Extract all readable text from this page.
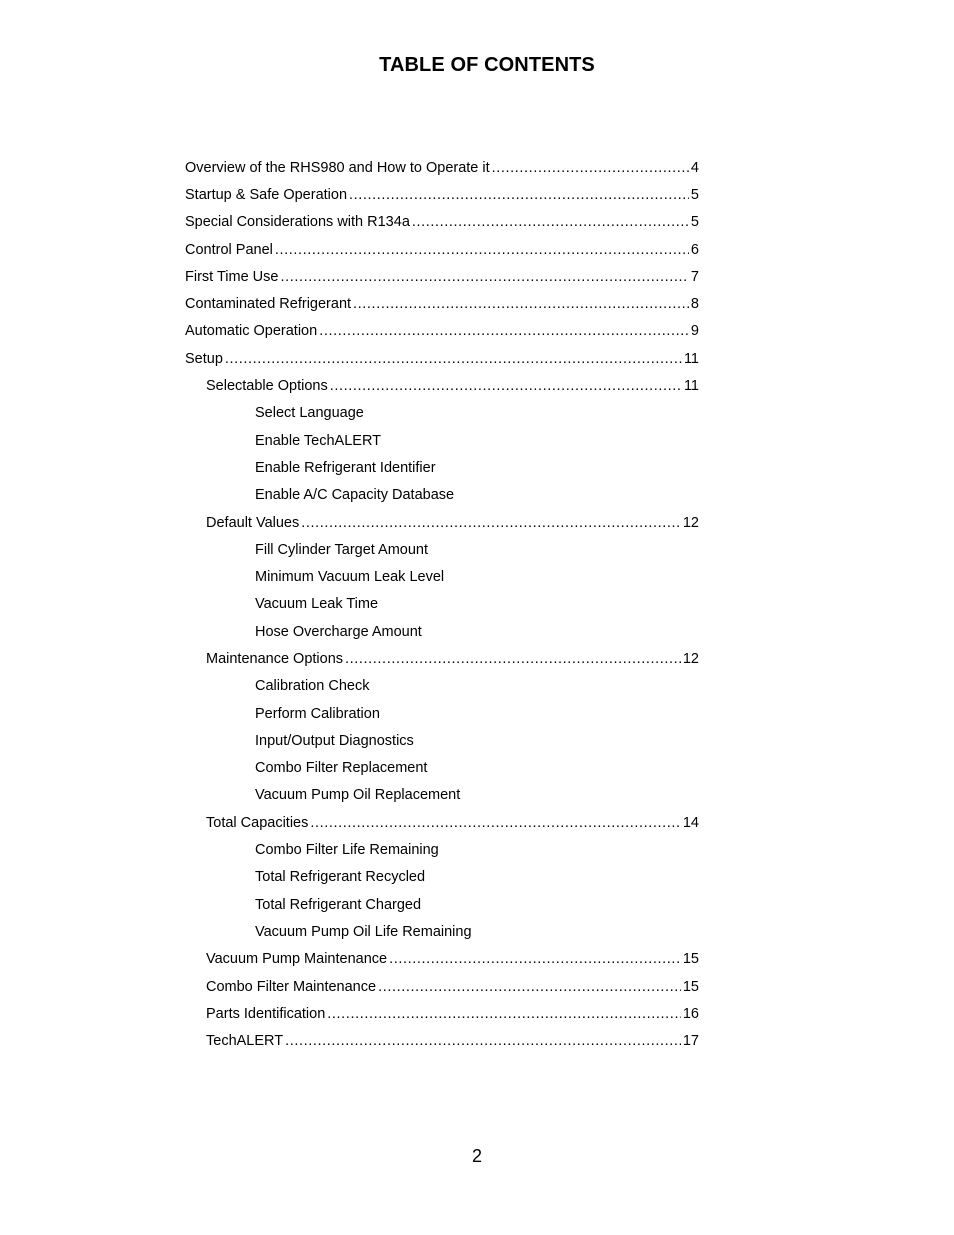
TABLE OF CONTENTS
Overview of the RHS980 and How to Operate it .....	4
Startup & Safe Operation .....	5
Special Considerations with R134a .....	5
Control Panel .....	6
First Time Use .....	7
Contaminated Refrigerant .....	8
Automatic Operation .....	9
Setup .....	11
Selectable Options .....	11
Select Language
Enable TechALERT
Enable Refrigerant Identifier
Enable A/C Capacity Database
Default Values .....	12
Fill Cylinder Target Amount
Minimum Vacuum Leak Level
Vacuum Leak Time
Hose Overcharge Amount
Maintenance Options .....	12
Calibration Check
Perform Calibration
Input/Output Diagnostics
Combo Filter Replacement
Vacuum Pump Oil Replacement
Total Capacities .....	14
Combo Filter Life Remaining
Total Refrigerant Recycled
Total Refrigerant Charged
Vacuum Pump Oil Life Remaining
Vacuum Pump Maintenance .....	15
Combo Filter Maintenance .....	15
Parts Identification .....	16
TechALERT .....	17
2
